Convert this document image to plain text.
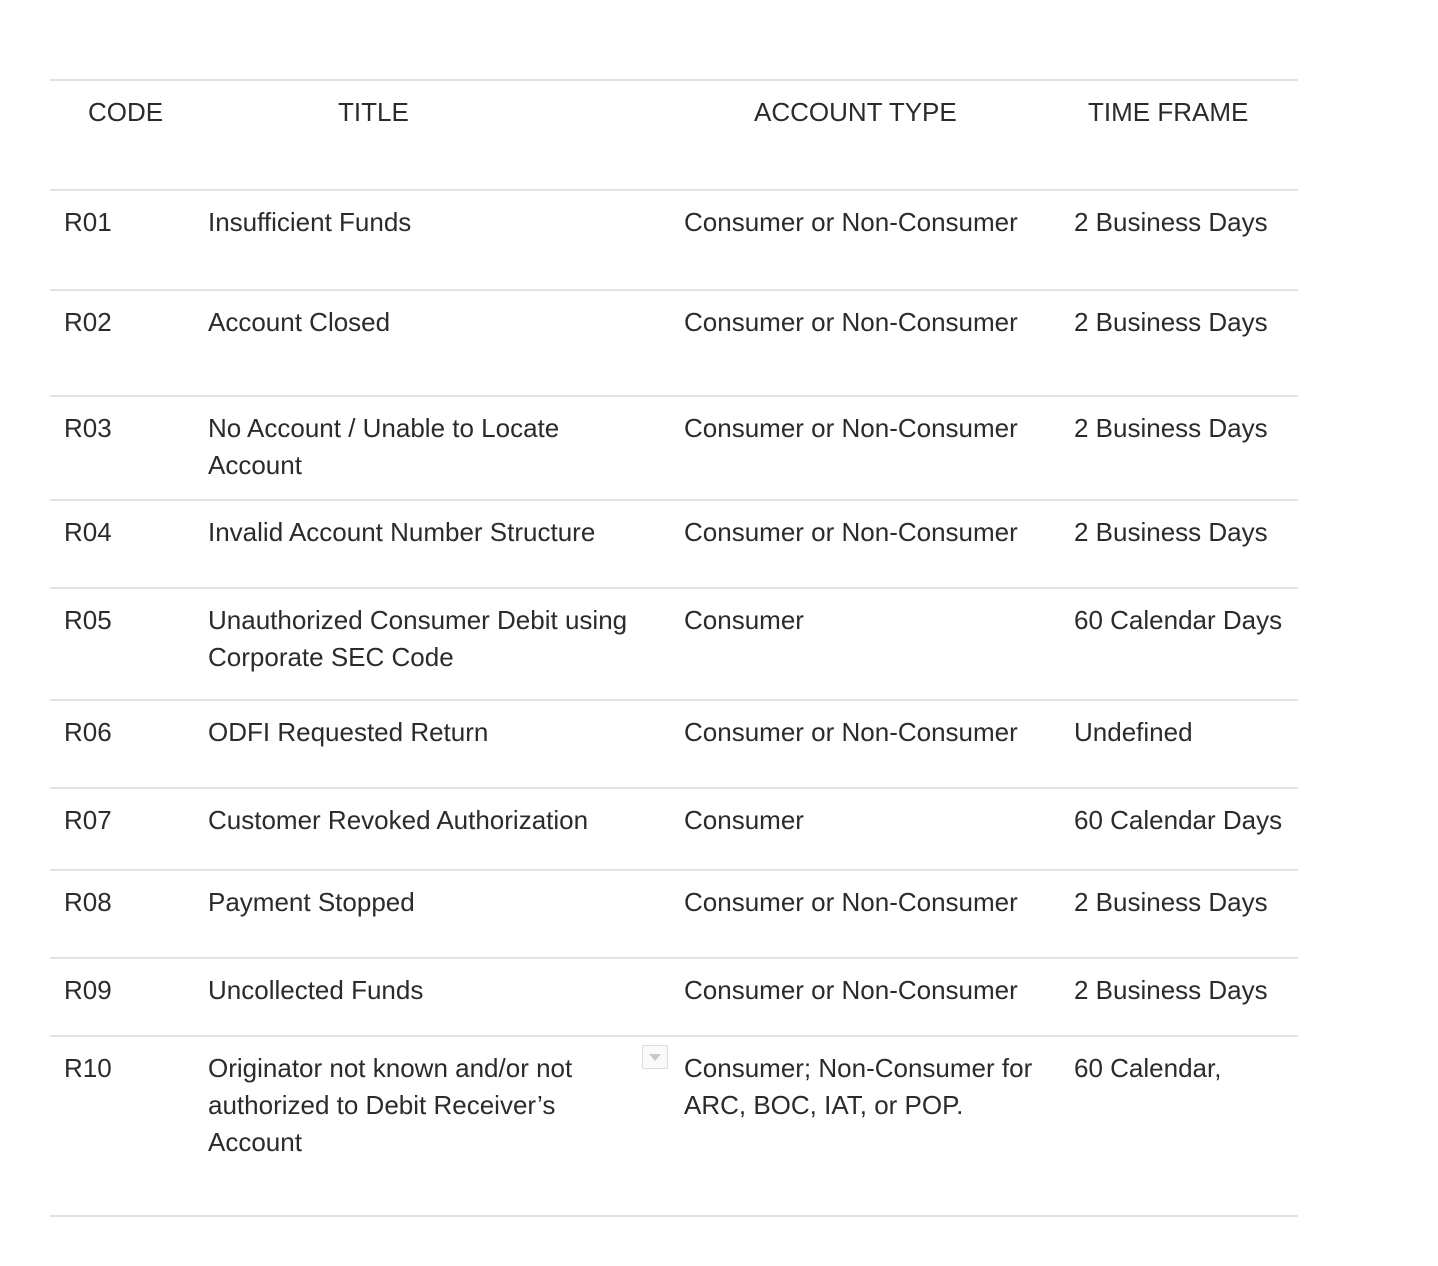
CODE	TITLE	ACCOUNT TYPE	TIME FRAME
R01	Insufficient Funds	Consumer or Non-Consumer	2 Business Days
R02	Account Closed	Consumer or Non-Consumer	2 Business Days
R03	No Account / Unable to Locate Account	Consumer or Non-Consumer	2 Business Days
R04	Invalid Account Number Structure	Consumer or Non-Consumer	2 Business Days
R05	Unauthorized Consumer Debit using Corporate SEC Code	Consumer	60 Calendar Days
R06	ODFI Requested Return	Consumer or Non-Consumer	Undefined
R07	Customer Revoked Authorization	Consumer	60 Calendar Days
R08	Payment Stopped	Consumer or Non-Consumer	2 Business Days
R09	Uncollected Funds	Consumer or Non-Consumer	2 Business Days
R10	Originator not known and/or not authorized to Debit Receiver’s Account	Consumer; Non-Consumer for ARC, BOC, IAT, or POP.	60 Calendar,
